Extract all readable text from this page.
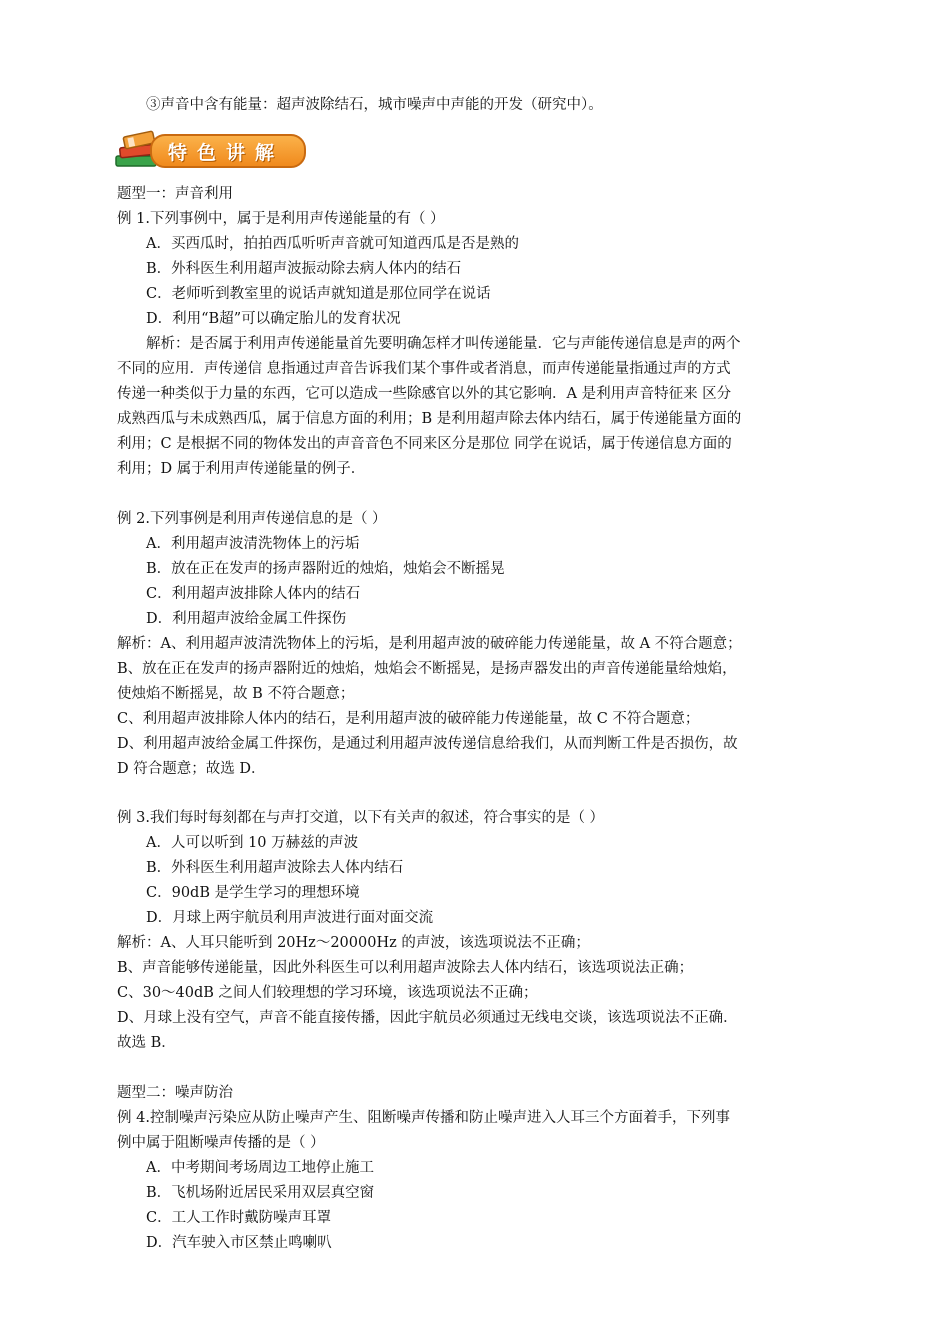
③声音中含有能量：超声波除结石，城市噪声中声能的开发（研究中）。
特色讲解
题型一：声音利用
例 1.下列事例中，属于是利用声传递能量的有（ ）
A．买西瓜时，拍拍西瓜听听声音就可知道西瓜是否是熟的
B．外科医生利用超声波振动除去病人体内的结石
C．老师听到教室里的说话声就知道是那位同学在说话
D．利用“B超”可以确定胎儿的发育状况
解析：是否属于利用声传递能量首先要明确怎样才叫传递能量．它与声能传递信息是声的两个
不同的应用．声传递信 息指通过声音告诉我们某个事件或者消息，而声传递能量指通过声的方式
传递一种类似于力量的东西，它可以造成一些除感官以外的其它影响．A 是利用声音特征来 区分
成熟西瓜与未成熟西瓜，属于信息方面的利用；B 是利用超声除去体内结石，属于传递能量方面的
利用；C 是根据不同的物体发出的声音音色不同来区分是那位 同学在说话，属于传递信息方面的
利用；D 属于利用声传递能量的例子．
例 2.下列事例是利用声传递信息的是（ ）
A．利用超声波清洗物体上的污垢
B．放在正在发声的扬声器附近的烛焰，烛焰会不断摇晃
C．利用超声波排除人体内的结石
D．利用超声波给金属工件探伤
解析：A、利用超声波清洗物体上的污垢，是利用超声波的破碎能力传递能量，故 A 不符合题意；
B、放在正在发声的扬声器附近的烛焰，烛焰会不断摇晃，是扬声器发出的声音传递能量给烛焰，
使烛焰不断摇晃，故 B 不符合题意；
C、利用超声波排除人体内的结石，是利用超声波的破碎能力传递能量，故 C 不符合题意；
D、利用超声波给金属工件探伤，是通过利用超声波传递信息给我们，从而判断工件是否损伤，故
D 符合题意；故选 D．
例 3.我们每时每刻都在与声打交道，以下有关声的叙述，符合事实的是（ ）
A．人可以听到 10 万赫兹的声波
B．外科医生利用超声波除去人体内结石
C．90dB 是学生学习的理想环境
D．月球上两宇航员利用声波进行面对面交流
解析：A、人耳只能听到 20Hz～20000Hz 的声波，该选项说法不正确；
B、声音能够传递能量，因此外科医生可以利用超声波除去人体内结石，该选项说法正确；
C、30～40dB 之间人们较理想的学习环境，该选项说法不正确；
D、月球上没有空气，声音不能直接传播，因此宇航员必须通过无线电交谈，该选项说法不正确．
故选 B．
题型二：噪声防治
例 4.控制噪声污染应从防止噪声产生、阻断噪声传播和防止噪声进入人耳三个方面着手，下列事
例中属于阻断噪声传播的是（ ）
A．中考期间考场周边工地停止施工
B．飞机场附近居民采用双层真空窗
C．工人工作时戴防噪声耳罩
D．汽车驶入市区禁止鸣喇叭
